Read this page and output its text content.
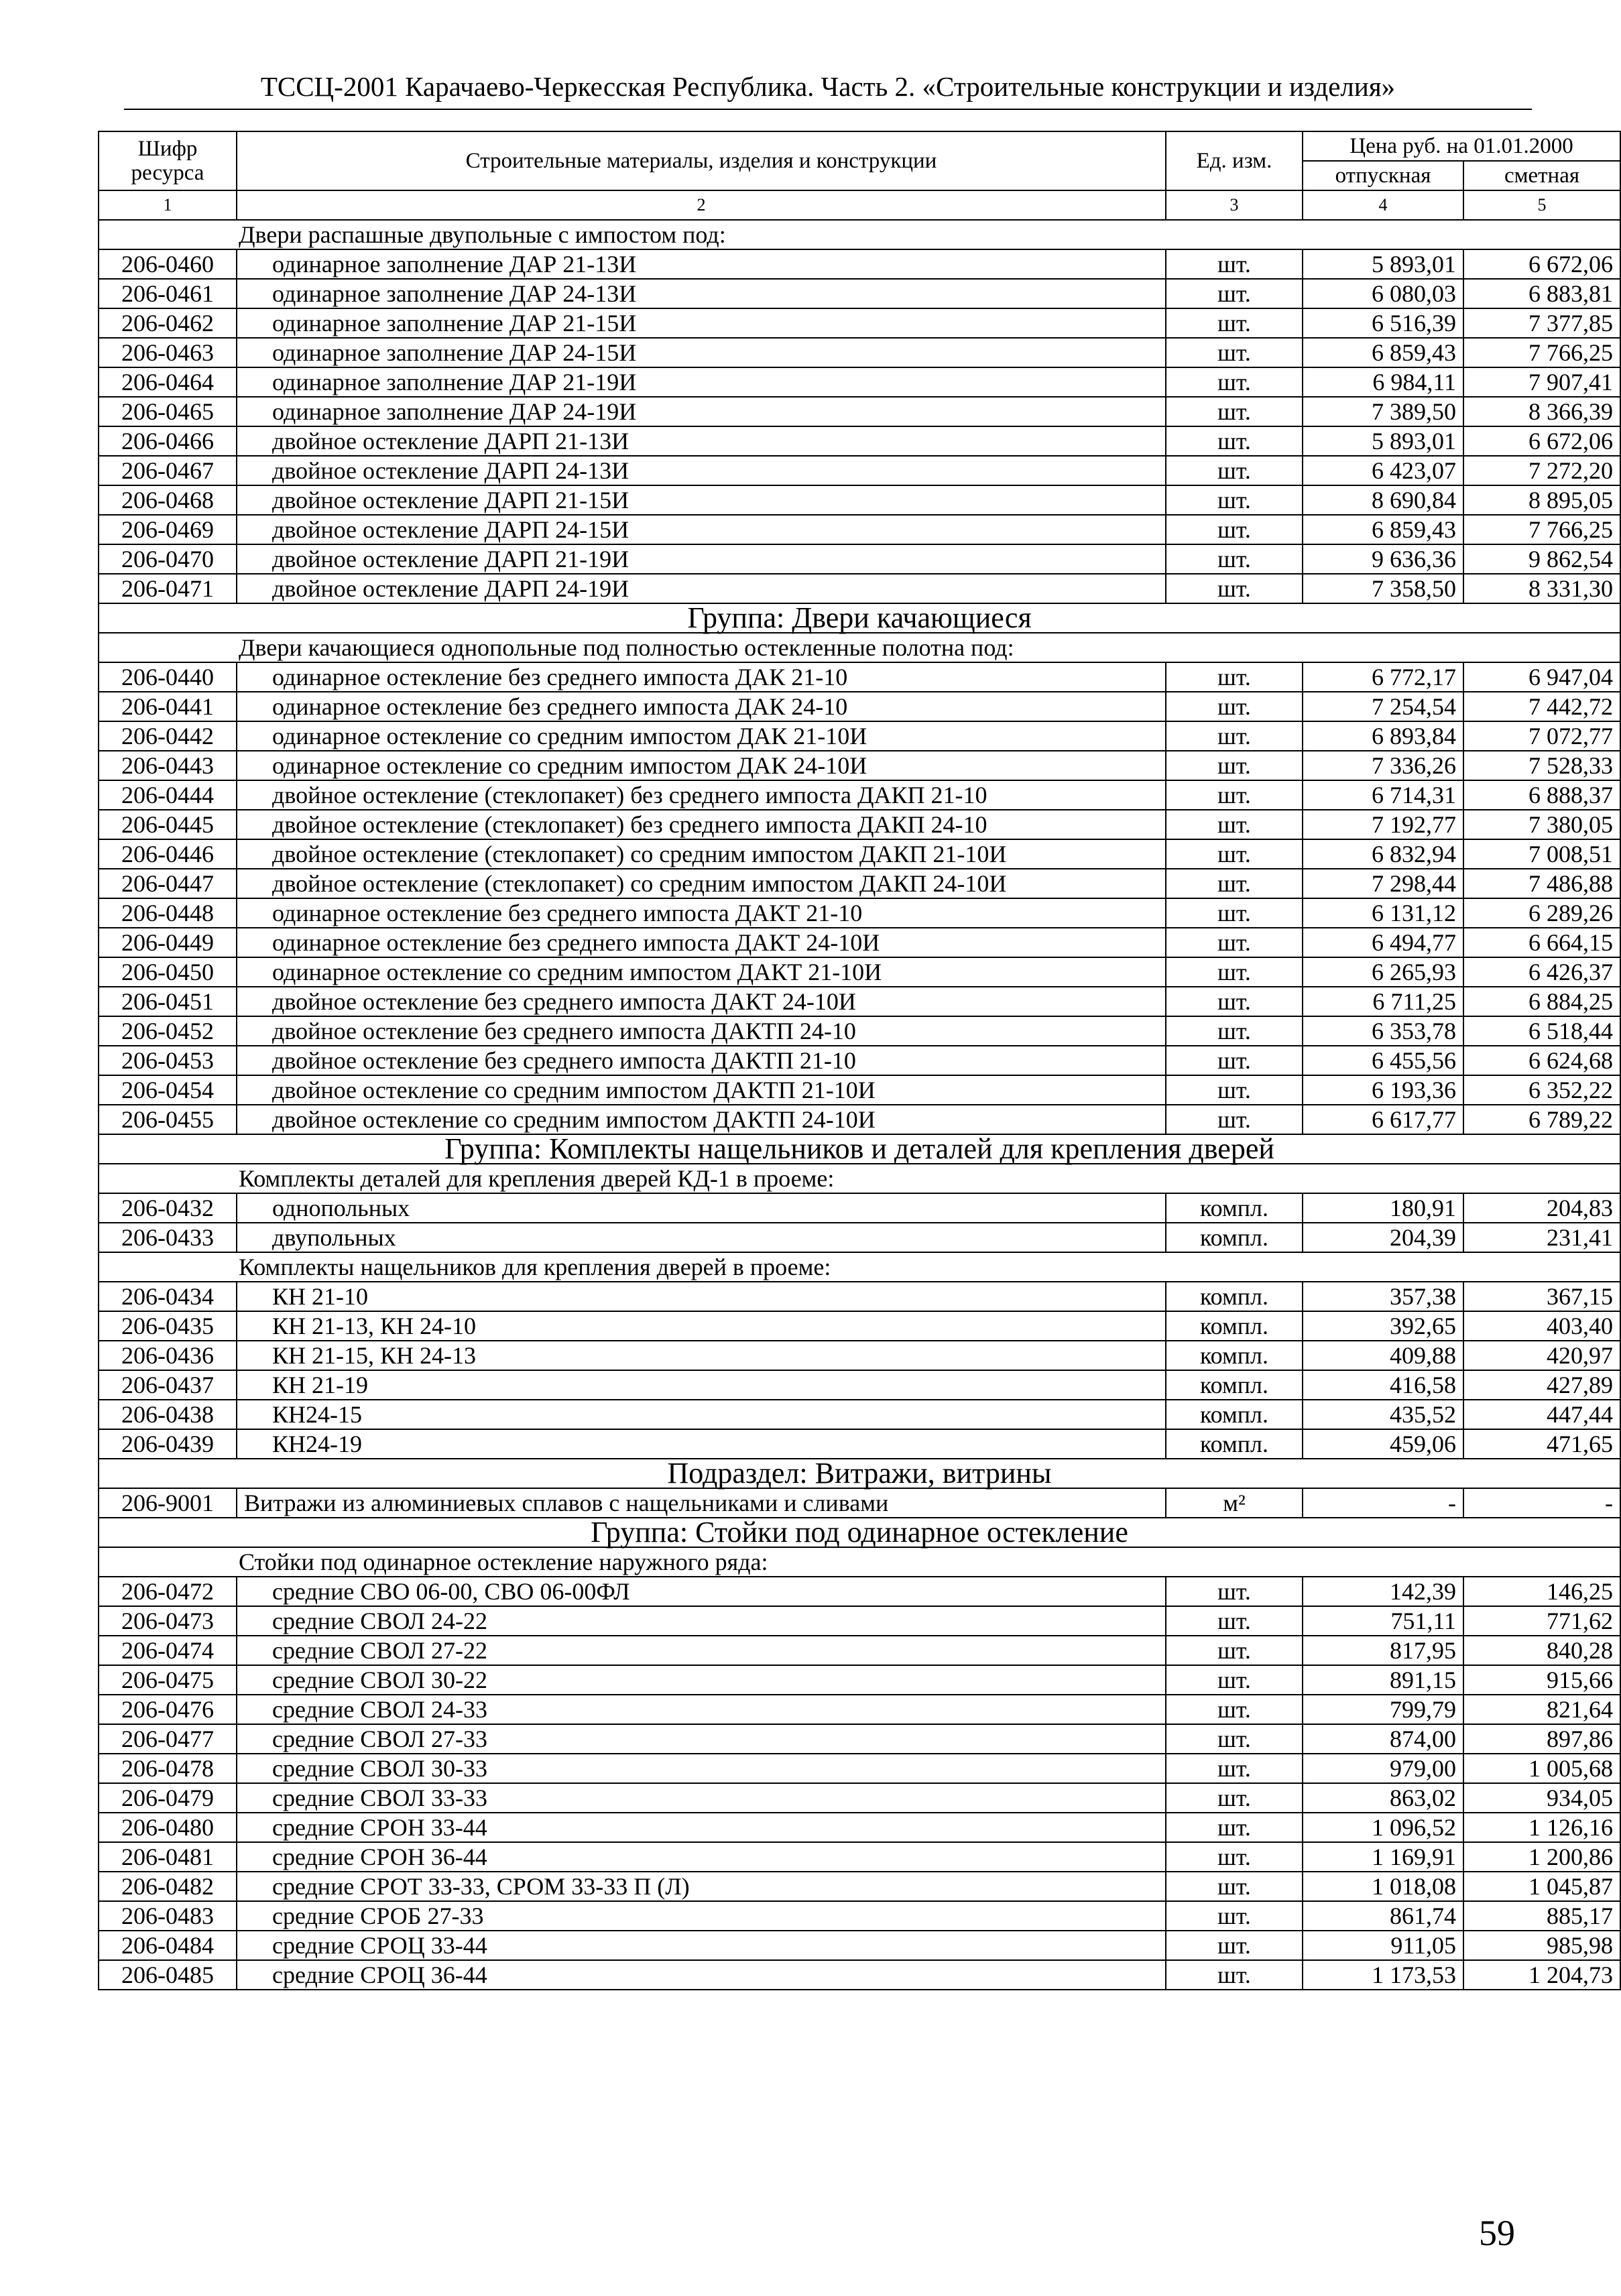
ТССЦ-2001 Карачаево-Черкесская Республика. Часть 2. «Строительные конструкции и изделия»
Шифр ресурса	Строительные материалы, изделия и конструкции	Ед. изм.	Цена руб. на 01.01.2000	
			отпускная	сметная
1	2	3	4	5
Двери распашные двупольные с импостом под:				
206-0460	одинарное заполнение ДАР 21-13И	шт.	5 893,01	6 672,06
206-0461	одинарное заполнение ДАР 24-13И	шт.	6 080,03	6 883,81
206-0462	одинарное заполнение ДАР 21-15И	шт.	6 516,39	7 377,85
206-0463	одинарное заполнение ДАР 24-15И	шт.	6 859,43	7 766,25
206-0464	одинарное заполнение ДАР 21-19И	шт.	6 984,11	7 907,41
206-0465	одинарное заполнение ДАР 24-19И	шт.	7 389,50	8 366,39
206-0466	двойное остекление ДАРП 21-13И	шт.	5 893,01	6 672,06
206-0467	двойное остекление ДАРП 24-13И	шт.	6 423,07	7 272,20
206-0468	двойное остекление ДАРП 21-15И	шт.	8 690,84	8 895,05
206-0469	двойное остекление ДАРП 24-15И	шт.	6 859,43	7 766,25
206-0470	двойное остекление ДАРП 21-19И	шт.	9 636,36	9 862,54
206-0471	двойное остекление ДАРП 24-19И	шт.	7 358,50	8 331,30
Группа: Двери качающиеся				
Двери качающиеся однопольные под полностью остекленные полотна под:				
206-0440	одинарное остекление без среднего импоста ДАК 21-10	шт.	6 772,17	6 947,04
206-0441	одинарное остекление без среднего импоста ДАК 24-10	шт.	7 254,54	7 442,72
206-0442	одинарное остекление со средним импостом ДАК 21-10И	шт.	6 893,84	7 072,77
206-0443	одинарное остекление со средним импостом ДАК 24-10И	шт.	7 336,26	7 528,33
206-0444	двойное остекление (стеклопакет) без среднего импоста ДАКП 21-10	шт.	6 714,31	6 888,37
206-0445	двойное остекление (стеклопакет) без среднего импоста ДАКП 24-10	шт.	7 192,77	7 380,05
206-0446	двойное остекление (стеклопакет) со средним импостом ДАКП 21-10И	шт.	6 832,94	7 008,51
206-0447	двойное остекление (стеклопакет) со средним импостом ДАКП 24-10И	шт.	7 298,44	7 486,88
206-0448	одинарное остекление без среднего импоста ДАКТ 21-10	шт.	6 131,12	6 289,26
206-0449	одинарное остекление без среднего импоста ДАКТ 24-10И	шт.	6 494,77	6 664,15
206-0450	одинарное остекление со средним импостом ДАКТ 21-10И	шт.	6 265,93	6 426,37
206-0451	двойное остекление без среднего импоста ДАКТ 24-10И	шт.	6 711,25	6 884,25
206-0452	двойное остекление без среднего импоста ДАКТП 24-10	шт.	6 353,78	6 518,44
206-0453	двойное остекление без среднего импоста ДАКТП 21-10	шт.	6 455,56	6 624,68
206-0454	двойное остекление со средним импостом ДАКТП 21-10И	шт.	6 193,36	6 352,22
206-0455	двойное остекление со средним импостом ДАКТП 24-10И	шт.	6 617,77	6 789,22
Группа: Комплекты нащельников и деталей для крепления дверей				
Комплекты деталей для крепления дверей КД-1 в проеме:				
206-0432	однопольных	компл.	180,91	204,83
206-0433	двупольных	компл.	204,39	231,41
Комплекты нащельников для крепления дверей в проеме:				
206-0434	КН 21-10	компл.	357,38	367,15
206-0435	КН 21-13, КН 24-10	компл.	392,65	403,40
206-0436	КН 21-15, КН 24-13	компл.	409,88	420,97
206-0437	КН 21-19	компл.	416,58	427,89
206-0438	КН24-15	компл.	435,52	447,44
206-0439	КН24-19	компл.	459,06	471,65
Подраздел: Витражи, витрины				
206-9001	Витражи из алюминиевых сплавов с нащельниками и сливами	м²	-	-
Группа: Стойки под одинарное остекление				
Стойки под одинарное остекление наружного ряда:				
206-0472	средние СВО 06-00, СВО 06-00ФЛ	шт.	142,39	146,25
206-0473	средние СВОЛ 24-22	шт.	751,11	771,62
206-0474	средние СВОЛ 27-22	шт.	817,95	840,28
206-0475	средние СВОЛ 30-22	шт.	891,15	915,66
206-0476	средние СВОЛ 24-33	шт.	799,79	821,64
206-0477	средние СВОЛ 27-33	шт.	874,00	897,86
206-0478	средние СВОЛ 30-33	шт.	979,00	1 005,68
206-0479	средние СВОЛ 33-33	шт.	863,02	934,05
206-0480	средние СРОН 33-44	шт.	1 096,52	1 126,16
206-0481	средние СРОН 36-44	шт.	1 169,91	1 200,86
206-0482	средние СРОТ 33-33, СРОМ 33-33 П (Л)	шт.	1 018,08	1 045,87
206-0483	средние СРОБ 27-33	шт.	861,74	885,17
206-0484	средние СРОЦ 33-44	шт.	911,05	985,98
206-0485	средние СРОЦ 36-44	шт.	1 173,53	1 204,73
59
